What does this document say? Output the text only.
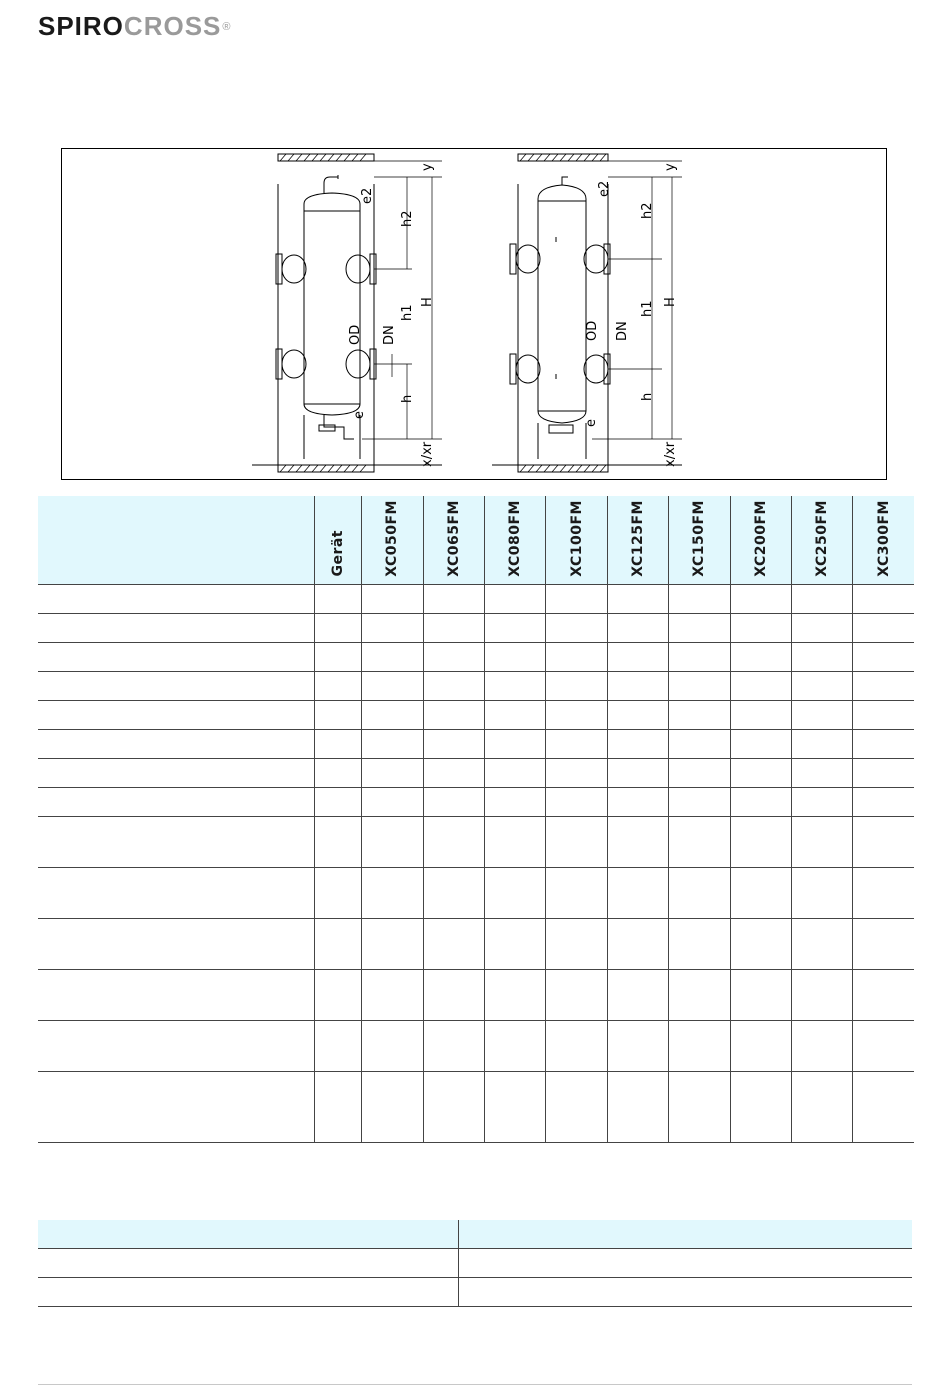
SPIROCROSS®
y
e2
h2
H
h1
OD DN
e
h
x/xr
y
e2
h2
H
h1
OD DN
e
h
x/xr

	Gerät	XC050FM	XC065FM	XC080FM	XC100FM	XC125FM	XC150FM	XC200FM	XC250FM	XC300FM
